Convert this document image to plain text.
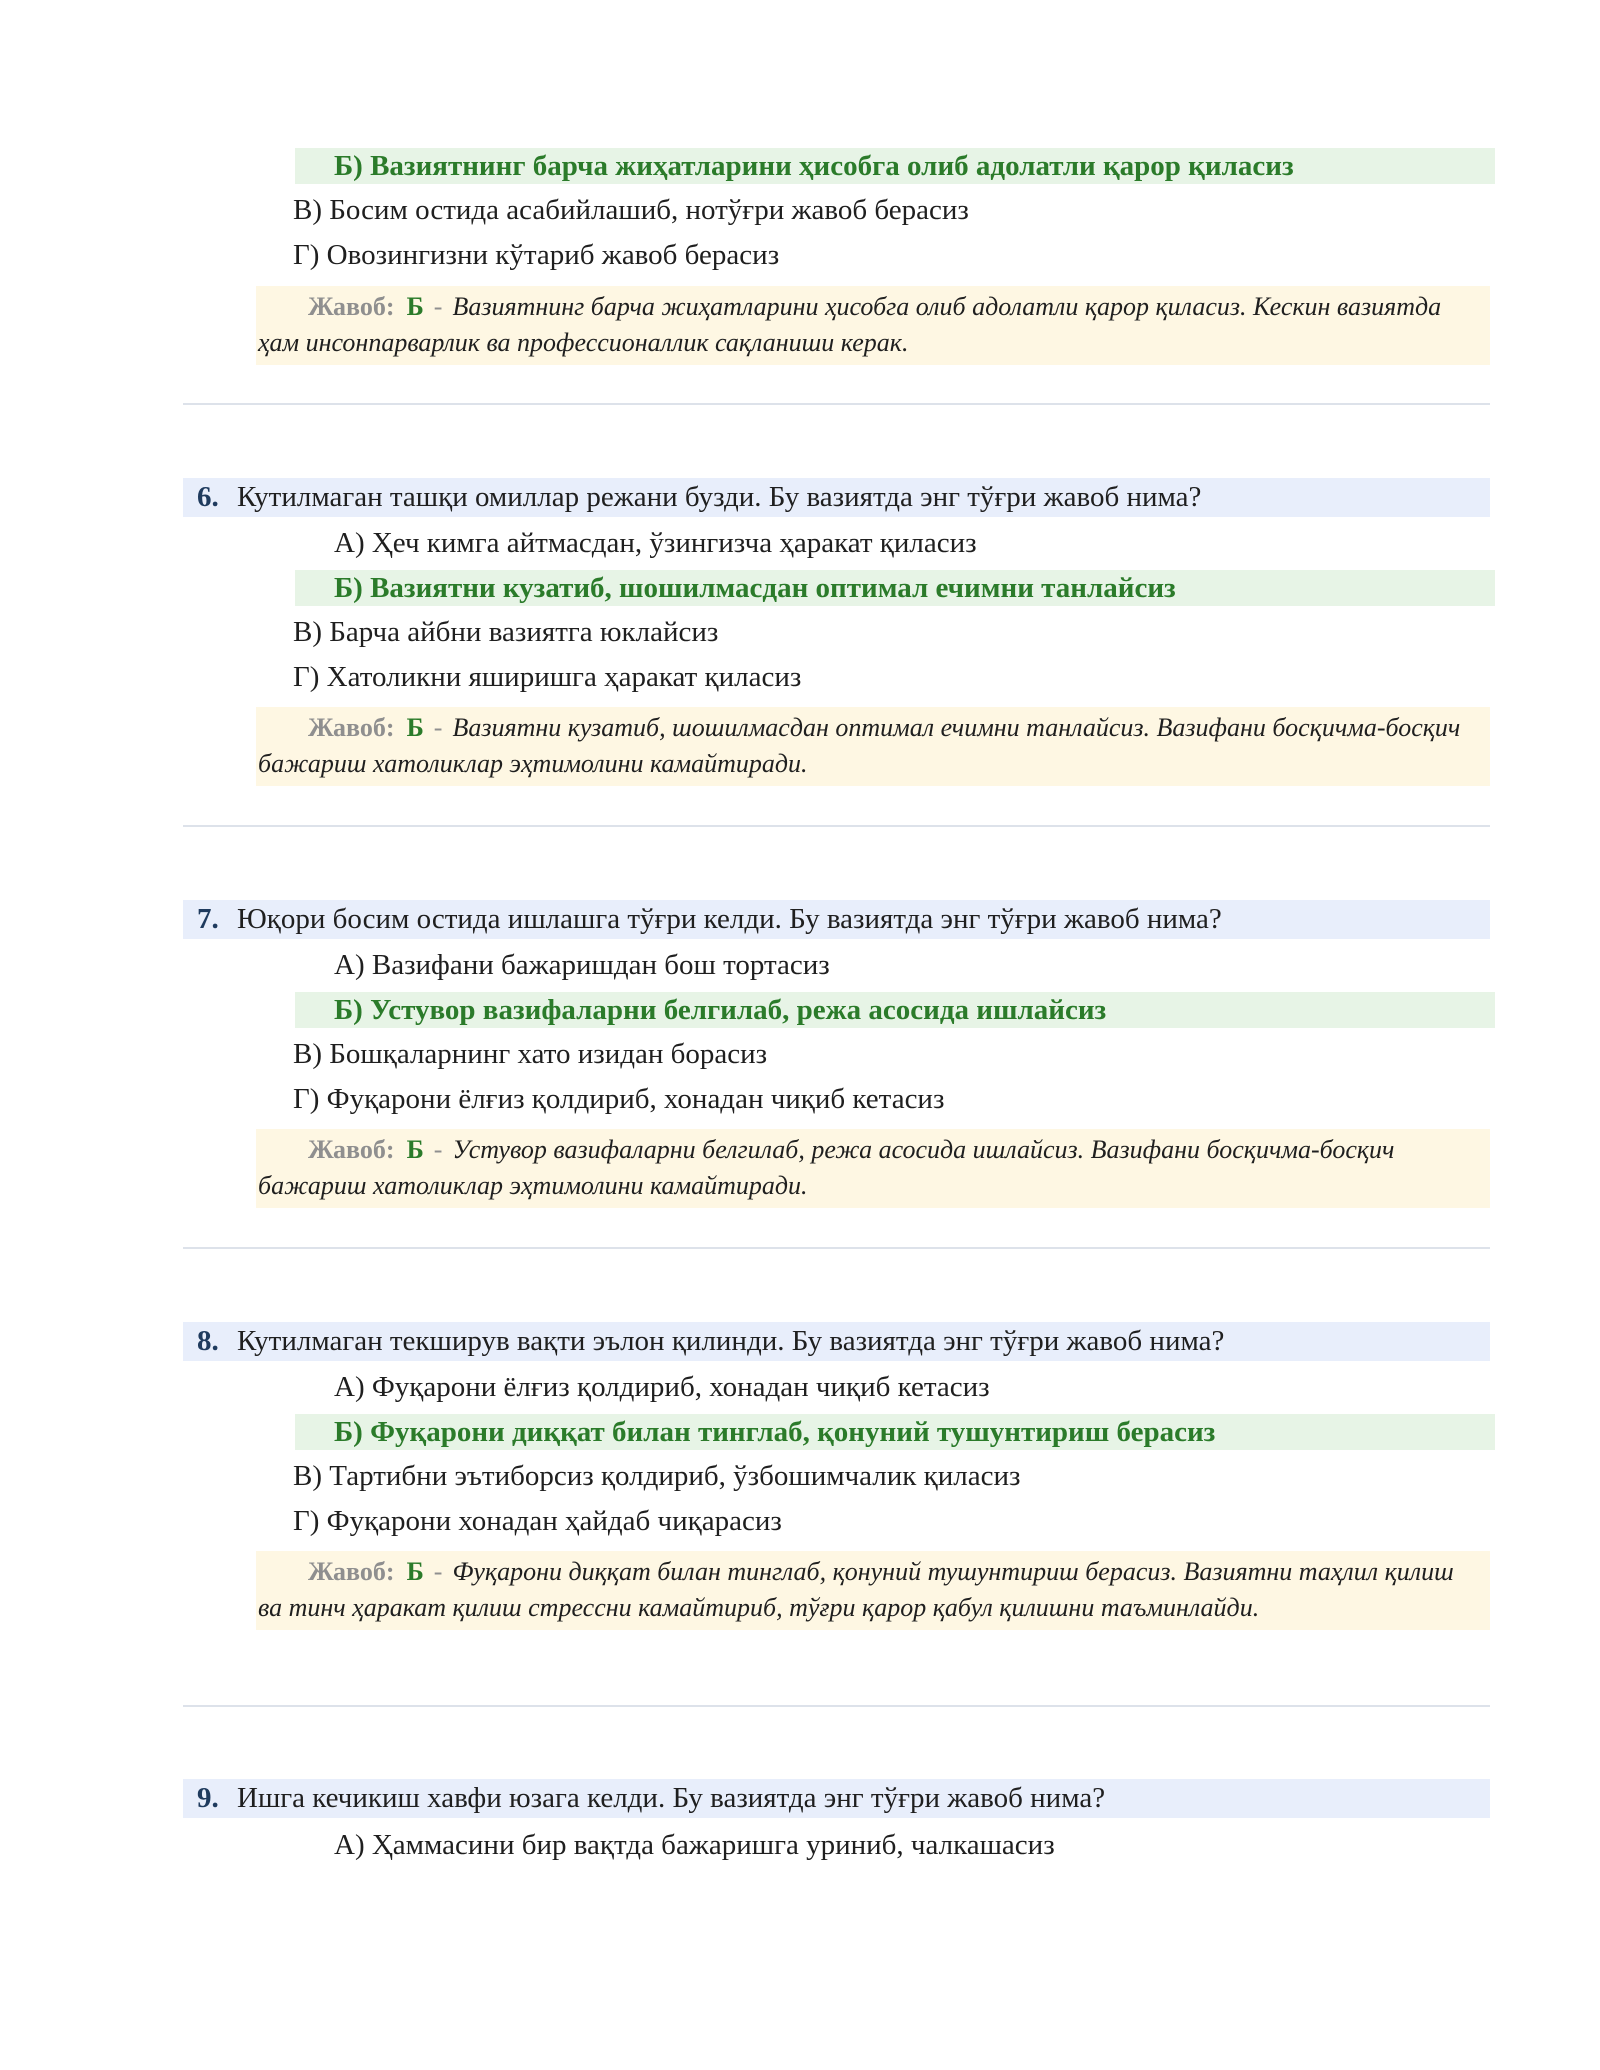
Б) Вазиятнинг барча жиҳатларини ҳисобга олиб адолатли қарор қиласиз
В) Босим остида асабийлашиб, нотўғри жавоб берасиз
Г) Овозингизни кўтариб жавоб берасиз
Жавоб: Б - Вазиятнинг барча жиҳатларини ҳисобга олиб адолатли қарор қиласиз. Кескин вазиятда ҳам инсонпарварлик ва профессионаллик сақланиши керак.
6. Кутилмаган ташқи омиллар режани бузди. Бу вазиятда энг тўғри жавоб нима?
А) Ҳеч кимга айтмасдан, ўзингизча ҳаракат қиласиз
Б) Вазиятни кузатиб, шошилмасдан оптимал ечимни танлайсиз
В) Барча айбни вазиятга юклайсиз
Г) Хатоликни яширишга ҳаракат қиласиз
Жавоб: Б - Вазиятни кузатиб, шошилмасдан оптимал ечимни танлайсиз. Вазифани босқичма-босқич бажариш хатоликлар эҳтимолини камайтиради.
7. Юқори босим остида ишлашга тўғри келди. Бу вазиятда энг тўғри жавоб нима?
А) Вазифани бажаришдан бош тортасиз
Б) Устувор вазифаларни белгилаб, режа асосида ишлайсиз
В) Бошқаларнинг хато изидан борасиз
Г) Фуқарони ёлғиз қолдириб, хонадан чиқиб кетасиз
Жавоб: Б - Устувор вазифаларни белгилаб, режа асосида ишлайсиз. Вазифани босқичма-босқич бажариш хатоликлар эҳтимолини камайтиради.
8. Кутилмаган текширув вақти эълон қилинди. Бу вазиятда энг тўғри жавоб нима?
А) Фуқарони ёлғиз қолдириб, хонадан чиқиб кетасиз
Б) Фуқарони диққат билан тинглаб, қонуний тушунтириш берасиз
В) Тартибни эътиборсиз қолдириб, ўзбошимчалик қиласиз
Г) Фуқарони хонадан ҳайдаб чиқарасиз
Жавоб: Б - Фуқарони диққат билан тинглаб, қонуний тушунтириш берасиз. Вазиятни таҳлил қилиш ва тинч ҳаракат қилиш стрессни камайтириб, тўғри қарор қабул қилишни таъминлайди.
9. Ишга кечикиш хавфи юзага келди. Бу вазиятда энг тўғри жавоб нима?
А) Ҳаммасини бир вақтда бажаришга уриниб, чалкашасиз
